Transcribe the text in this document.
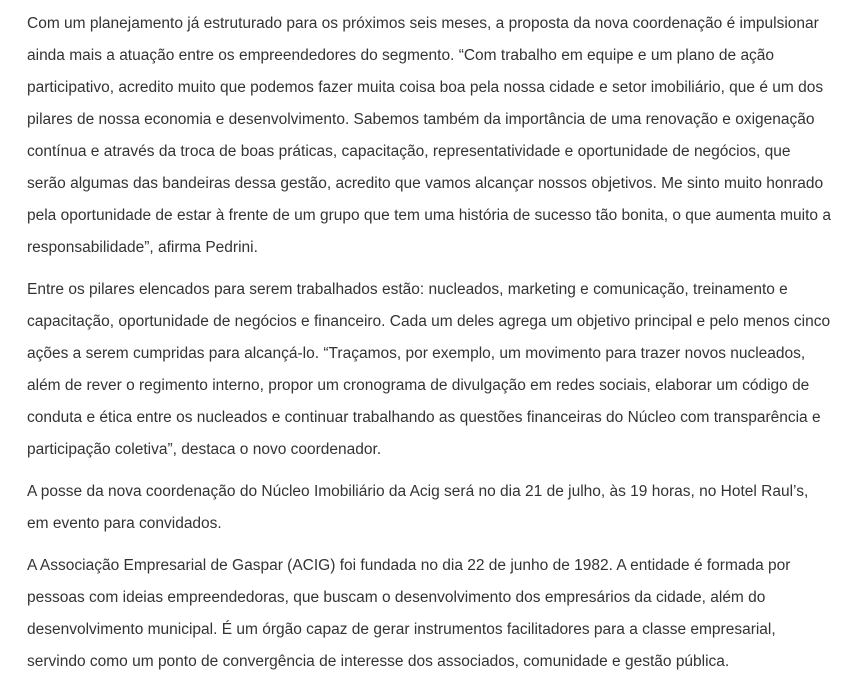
Com um planejamento já estruturado para os próximos seis meses, a proposta da nova coordenação é impulsionar ainda mais a atuação entre os empreendedores do segmento. “Com trabalho em equipe e um plano de ação participativo, acredito muito que podemos fazer muita coisa boa pela nossa cidade e setor imobiliário, que é um dos pilares de nossa economia e desenvolvimento. Sabemos também da importância de uma renovação e oxigenação contínua e através da troca de boas práticas, capacitação, representatividade e oportunidade de negócios, que serão algumas das bandeiras dessa gestão, acredito que vamos alcançar nossos objetivos. Me sinto muito honrado pela oportunidade de estar à frente de um grupo que tem uma história de sucesso tão bonita, o que aumenta muito a responsabilidade”, afirma Pedrini.

Entre os pilares elencados para serem trabalhados estão: nucleados, marketing e comunicação, treinamento e capacitação, oportunidade de negócios e financeiro. Cada um deles agrega um objetivo principal e pelo menos cinco ações a serem cumpridas para alcançá-lo. “Traçamos, por exemplo, um movimento para trazer novos nucleados, além de rever o regimento interno, propor um cronograma de divulgação em redes sociais, elaborar um código de conduta e ética entre os nucleados e continuar trabalhando as questões financeiras do Núcleo com transparência e participação coletiva”, destaca o novo coordenador.

A posse da nova coordenação do Núcleo Imobiliário da Acig será no dia 21 de julho, às 19 horas, no Hotel Raul’s, em evento para convidados.

A Associação Empresarial de Gaspar (ACIG) foi fundada no dia 22 de junho de 1982. A entidade é formada por pessoas com ideias empreendedoras, que buscam o desenvolvimento dos empresários da cidade, além do desenvolvimento municipal. É um órgão capaz de gerar instrumentos facilitadores para a classe empresarial, servindo como um ponto de convergência de interesse dos associados, comunidade e gestão pública.
